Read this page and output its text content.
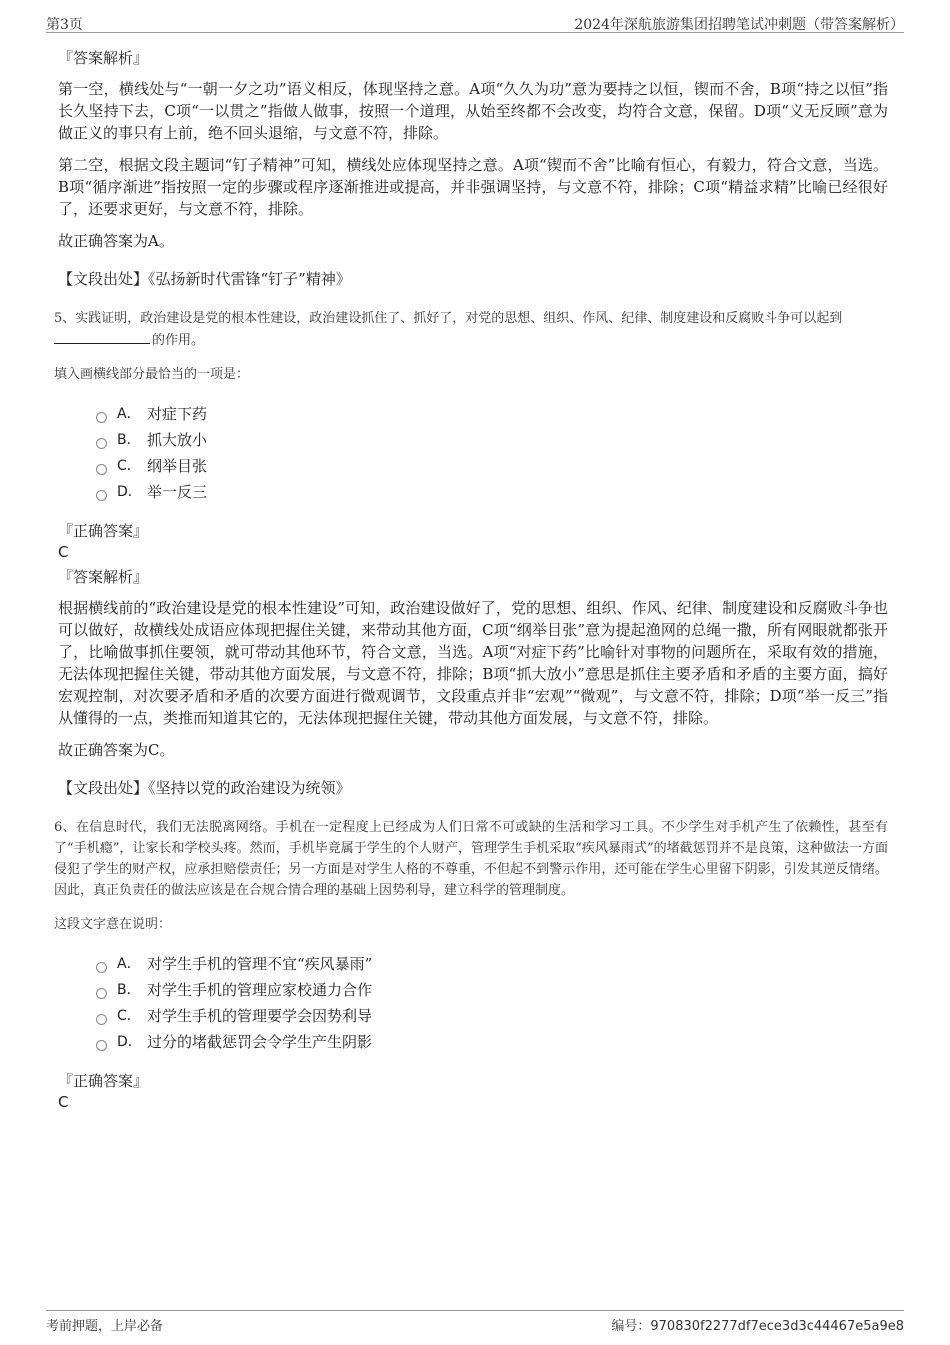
第3页	2024年深航旅游集团招聘笔试冲刺题（带答案解析）
『答案解析』

第一空，横线处与“一朝一夕之功”语义相反，体现坚持之意。A项“久久为功”意为要持之以恒，锲而不舍，B项“持之以恒”指长久坚持下去，C项“一以贯之”指做人做事，按照一个道理，从始至终都不会改变，均符合文意，保留。D项“义无反顾”意为做正义的事只有上前，绝不回头退缩，与文意不符，排除。

第二空，根据文段主题词“钉子精神”可知，横线处应体现坚持之意。A项“锲而不舍”比喻有恒心，有毅力，符合文意，当选。B项“循序渐进”指按照一定的步骤或程序逐渐推进或提高，并非强调坚持，与文意不符，排除；C项“精益求精”比喻已经很好了，还要求更好，与文意不符，排除。

故正确答案为A。

【文段出处】《弘扬新时代雷锋“钉子”精神》

5、实践证明，政治建设是党的根本性建设，政治建设抓住了、抓好了，对党的思想、组织、作风、纪律、制度建设和反腐败斗争可以起到
的作用。

填入画横线部分最恰当的一项是：

A． 对症下药
B． 抓大放小
C． 纲举目张
D． 举一反三
『正确答案』
C
『答案解析』

根据横线前的“政治建设是党的根本性建设”可知，政治建设做好了，党的思想、组织、作风、纪律、制度建设和反腐败斗争也可以做好，故横线处成语应体现把握住关键，来带动其他方面，C项“纲举目张”意为提起渔网的总绳一撒，所有网眼就都张开了，比喻做事抓住要领，就可带动其他环节，符合文意，当选。A项“对症下药”比喻针对事物的问题所在，采取有效的措施，无法体现把握住关键，带动其他方面发展，与文意不符，排除；B项“抓大放小”意思是抓住主要矛盾和矛盾的主要方面，搞好宏观控制，对次要矛盾和矛盾的次要方面进行微观调节，文段重点并非“宏观”“微观”，与文意不符，排除；D项“举一反三”指从懂得的一点，类推而知道其它的，无法体现把握住关键，带动其他方面发展，与文意不符，排除。

故正确答案为C。

【文段出处】《坚持以党的政治建设为统领》

6、在信息时代，我们无法脱离网络。手机在一定程度上已经成为人们日常不可或缺的生活和学习工具。不少学生对手机产生了依赖性，甚至有了“手机瘾”，让家长和学校头疼。然而，手机毕竟属于学生的个人财产，管理学生手机采取“疾风暴雨式”的堵截惩罚并不是良策，这种做法一方面侵犯了学生的财产权，应承担赔偿责任；另一方面是对学生人格的不尊重，不但起不到警示作用，还可能在学生心里留下阴影，引发其逆反情绪。因此，真正负责任的做法应该是在合规合情合理的基础上因势利导，建立科学的管理制度。

这段文字意在说明：

A． 对学生手机的管理不宜“疾风暴雨”
B． 对学生手机的管理应家校通力合作
C． 对学生手机的管理要学会因势利导
D． 过分的堵截惩罚会令学生产生阴影
『正确答案』
C
考前押题，上岸必备	编号：970830f2277df7ece3d3c44467e5a9e8
